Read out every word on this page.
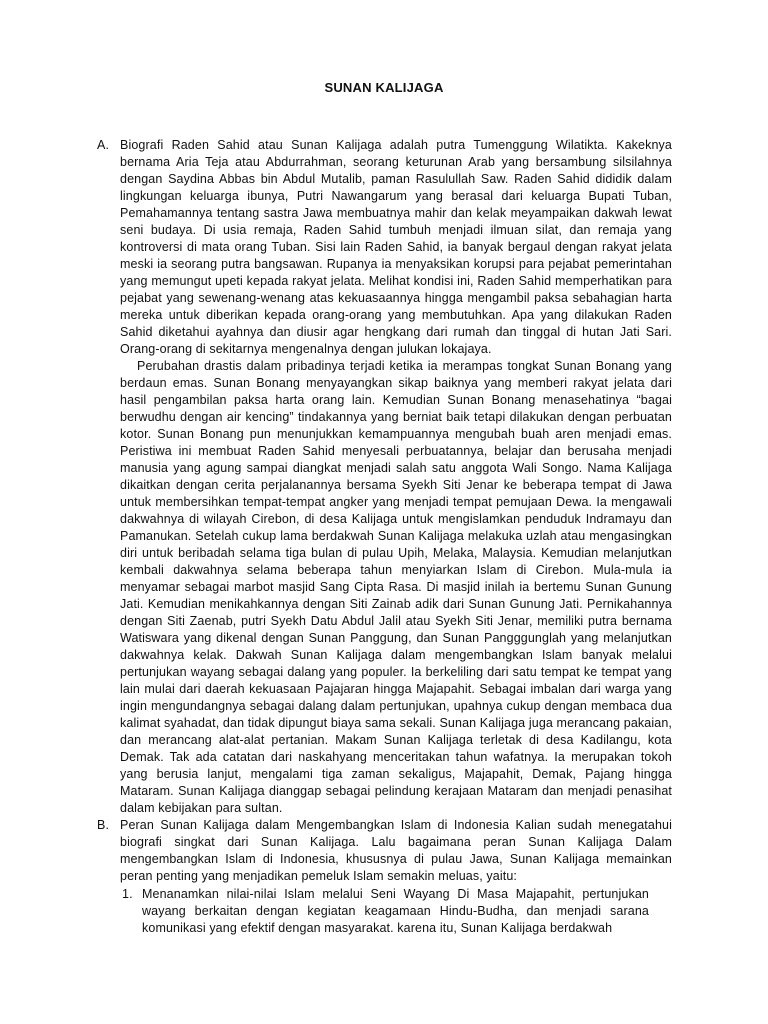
SUNAN KALIJAGA
A. Biografi Raden Sahid atau Sunan Kalijaga adalah putra Tumenggung Wilatikta. Kakeknya bernama Aria Teja atau Abdurrahman, seorang keturunan Arab yang bersambung silsilahnya dengan Saydina Abbas bin Abdul Mutalib, paman Rasulullah Saw. Raden Sahid dididik dalam lingkungan keluarga ibunya, Putri Nawangarum yang berasal dari keluarga Bupati Tuban, Pemahamannya tentang sastra Jawa membuatnya mahir dan kelak meyampaikan dakwah lewat seni budaya. Di usia remaja, Raden Sahid tumbuh menjadi ilmuan silat, dan remaja yang kontroversi di mata orang Tuban. Sisi lain Raden Sahid, ia banyak bergaul dengan rakyat jelata meski ia seorang putra bangsawan. Rupanya ia menyaksikan korupsi para pejabat pemerintahan yang memungut upeti kepada rakyat jelata. Melihat kondisi ini, Raden Sahid memperhatikan para pejabat yang sewenang-wenang atas kekuasaannya hingga mengambil paksa sebahagian harta mereka untuk diberikan kepada orang-orang yang membutuhkan. Apa yang dilakukan Raden Sahid diketahui ayahnya dan diusir agar hengkang dari rumah dan tinggal di hutan Jati Sari. Orang-orang di sekitarnya mengenalnya dengan julukan lokajaya.

Perubahan drastis dalam pribadinya terjadi ketika ia merampas tongkat Sunan Bonang yang berdaun emas. Sunan Bonang menyayangkan sikap baiknya yang memberi rakyat jelata dari hasil pengambilan paksa harta orang lain. Kemudian Sunan Bonang menasehatinya “bagai berwudhu dengan air kencing” tindakannya yang berniat baik tetapi dilakukan dengan perbuatan kotor. Sunan Bonang pun menunjukkan kemampuannya mengubah buah aren menjadi emas. Peristiwa ini membuat Raden Sahid menyesali perbuatannya, belajar dan berusaha menjadi manusia yang agung sampai diangkat menjadi salah satu anggota Wali Songo. Nama Kalijaga dikaitkan dengan cerita perjalanannya bersama Syekh Siti Jenar ke beberapa tempat di Jawa untuk membersihkan tempat-tempat angker yang menjadi tempat pemujaan Dewa. Ia mengawali dakwahnya di wilayah Cirebon, di desa Kalijaga untuk mengislamkan penduduk Indramayu dan Pamanukan. Setelah cukup lama berdakwah Sunan Kalijaga melakuka uzlah atau mengasingkan diri untuk beribadah selama tiga bulan di pulau Upih, Melaka, Malaysia. Kemudian melanjutkan kembali dakwahnya selama beberapa tahun menyiarkan Islam di Cirebon. Mula-mula ia menyamar sebagai marbot masjid Sang Cipta Rasa. Di masjid inilah ia bertemu Sunan Gunung Jati. Kemudian menikahkannya dengan Siti Zainab adik dari Sunan Gunung Jati. Pernikahannya dengan Siti Zaenab, putri Syekh Datu Abdul Jalil atau Syekh Siti Jenar, memiliki putra bernama Watiswara yang dikenal dengan Sunan Panggung, dan Sunan Pangggunglah yang melanjutkan dakwahnya kelak. Dakwah Sunan Kalijaga dalam mengembangkan Islam banyak melalui pertunjukan wayang sebagai dalang yang populer. Ia berkeliling dari satu tempat ke tempat yang lain mulai dari daerah kekuasaan Pajajaran hingga Majapahit. Sebagai imbalan dari warga yang ingin mengundangnya sebagai dalang dalam pertunjukan, upahnya cukup dengan membaca dua kalimat syahadat, dan tidak dipungut biaya sama sekali. Sunan Kalijaga juga merancang pakaian, dan merancang alat-alat pertanian. Makam Sunan Kalijaga terletak di desa Kadilangu, kota Demak. Tak ada catatan dari naskahyang menceritakan tahun wafatnya. Ia merupakan tokoh yang berusia lanjut, mengalami tiga zaman sekaligus, Majapahit, Demak, Pajang hingga Mataram. Sunan Kalijaga dianggap sebagai pelindung kerajaan Mataram dan menjadi penasihat dalam kebijakan para sultan.

B. Peran Sunan Kalijaga dalam Mengembangkan Islam di Indonesia Kalian sudah menegatahui biografi singkat dari Sunan Kalijaga. Lalu bagaimana peran Sunan Kalijaga Dalam mengembangkan Islam di Indonesia, khususnya di pulau Jawa, Sunan Kalijaga memainkan peran penting yang menjadikan pemeluk Islam semakin meluas, yaitu:

1. Menanamkan nilai-nilai Islam melalui Seni Wayang Di Masa Majapahit, pertunjukan wayang berkaitan dengan kegiatan keagamaan Hindu-Budha, dan menjadi sarana komunikasi yang efektif dengan masyarakat. karena itu, Sunan Kalijaga berdakwah
